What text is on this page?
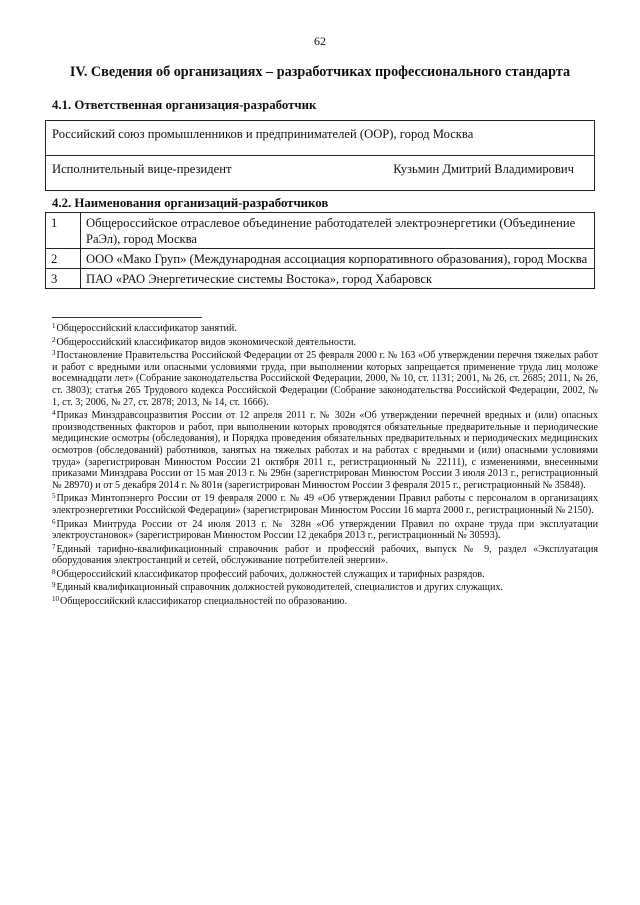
62
IV. Сведения об организациях – разработчиках профессионального стандарта
4.1. Ответственная организация-разработчик
Российский союз промышленников и предпринимателей (ООР), город Москва

Исполнительный вице-президент	Кузьмин Дмитрий Владимирович
4.2. Наименования организаций-разработчиков
1	Общероссийское отраслевое объединение работодателей электроэнергетики (Объединение РаЭл), город Москва
2	ООО «Мако Груп» (Международная ассоциация корпоративного образования), город Москва
3	ПАО «РАО Энергетические системы Востока», город Хабаровск

$^1$Общероссийский классификатор занятий.

$^2$Общероссийский классификатор видов экономической деятельности.

$^3$Постановление Правительства Российской Федерации от 25 февраля 2000 г. № 163 «Об утверждении перечня тяжелых работ и работ с вредными или опасными условиями труда, при выполнении которых запрещается применение труда лиц моложе восемнадцати лет» (Собрание законодательства Российской Федерации, 2000, № 10, ст. 1131; 2001, № 26, ст. 2685; 2011, № 26, ст. 3803); статья 265 Трудового кодекса Российской Федерации (Собрание законодательства Российской Федерации, 2002, № 1, ст. 3; 2006, № 27, ст. 2878; 2013, № 14, ст. 1666).

$^4$Приказ Минздравсоцразвития России от 12 апреля 2011 г. № 302н «Об утверждении перечней вредных и (или) опасных производственных факторов и работ, при выполнении которых проводятся обязательные предварительные и периодические медицинские осмотры (обследования), и Порядка проведения обязательных предварительных и периодических медицинских осмотров (обследований) работников, занятых на тяжелых работах и на работах с вредными и (или) опасными условиями труда» (зарегистрирован Минюстом России 21 октября 2011 г., регистрационный № 22111), с изменениями, внесенными приказами Минздрава России от 15 мая 2013 г. № 296н (зарегистрирован Минюстом России 3 июля 2013 г., регистрационный № 28970) и от 5 декабря 2014 г. № 801н (зарегистрирован Минюстом России 3 февраля 2015 г., регистрационный № 35848).

$^5$Приказ Минтопэнерго России от 19 февраля 2000 г. № 49 «Об утверждении Правил работы с персоналом в организациях электроэнергетики Российской Федерации» (зарегистрирован Минюстом России 16 марта 2000 г., регистрационный № 2150).

$^6$Приказ Минтруда России от 24 июля 2013 г. № 328н «Об утверждении Правил по охране труда при эксплуатации электроустановок» (зарегистрирован Минюстом России 12 декабря 2013 г., регистрационный № 30593).

$^7$Единый тарифно-квалификационный справочник работ и профессий рабочих, выпуск № 9, раздел «Эксплуатация оборудования электростанций и сетей, обслуживание потребителей энергии».

$^8$Общероссийский классификатор профессий рабочих, должностей служащих и тарифных разрядов.

$^9$Единый квалификационный справочник должностей руководителей, специалистов и других служащих.

$^{10}$Общероссийский классификатор специальностей по образованию.
